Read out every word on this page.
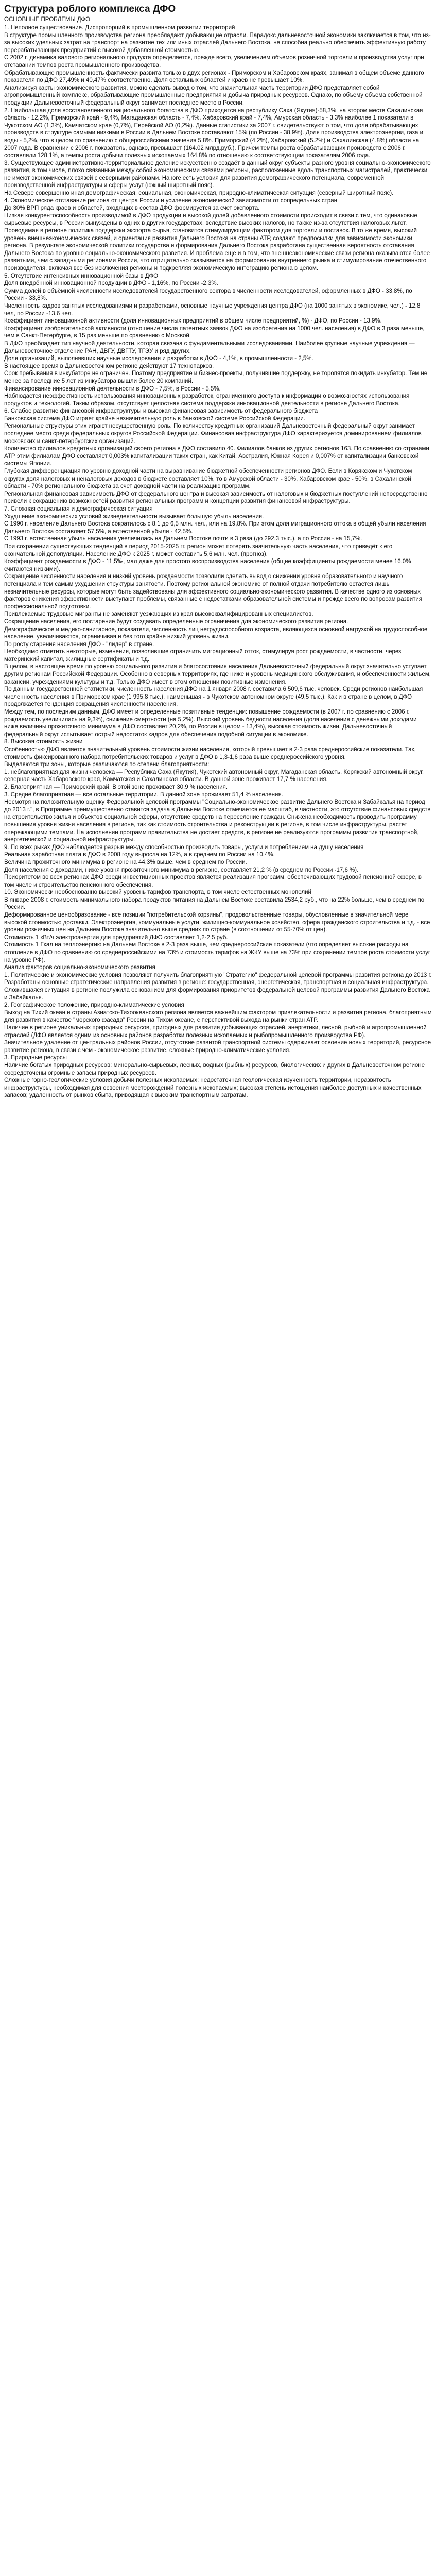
Структура роблого комплекса ДФО
ОСНОВНЫЕ ПРОБЛЕМЫ ДФО

1. Неполное существование. Диспропорций в промышленном развитии территорий

В структуре промышленного производства региона преобладают добывающие отрасли. Парадокс дальневосточной экономики заключается в том, что из-за высоких удельных затрат на транспорт на развитие тех или иных отраслей Дальнего Востока, не способна реально обеспечить эффективную работу перерабатывающих предприятий с высокой добавленной стоимостью.
С 2002 г. динамика валового регионального продукта определяется, прежде всего, увеличением объемов розничной торговли и производства услуг при отставании темпов роста промышленного производства.
Обрабатывающие промышленность фактически развита только в двух регионах - Приморском и Хабаровском краях, занимая в общем объеме данного показателя по ДФО 27,49% и 40,47% соответственно. Доля остальных областей и краев не превышает 10%.
Анализируя карты экономического развития, можно сделать вывод о том, что значительная часть территории ДФО представляет собой агропромышленный комплекс, обрабатывающие промышленные предприятия и добыча природных ресурсов. Однако, по объему объема собственной продукции Дальневосточный федеральный округ занимает последнее место в России.

2. Наибольшая доля восстановленного национального богатства в ДФО приходится на республику Саха (Якутия)-58,3%, на втором месте Сахалинская область - 12,2%, Приморский край - 9,4%, Магаданская область - 7,4%, Хабаровский край - 7,4%, Амурская область - 3,3% наиболее 1 показатели в Чукотском АО (1,3%), Камчатском крае (0,7%), Еврейской АО (0,2%). Данные статистики за 2007 г. свидетельствуют о том, что доля обрабатывающих производств в структуре самыми низкими в России в Дальнем Востоке составляют 15% (по России - 38,9%). Доля производства электроэнергии, газа и воды - 5,2%, что в целом по сравнению с общероссийскими значения 5,8%. Приморский (4.2%), Хабаровский (5.2%) и Сахалинская (4.8%) области на 2007 года. В сравнении с 2006 г. показатель, однако, превышает (164.02 млрд.руб.). Причем темпы роста обрабатывающих производств с 2006 г. составляли 128,1%, а темпы роста добычи полезных ископаемых 164,8% по отношению к соответствующим показателям 2006 года.

3. Существующее административно-территориальное деление искусственно создаёт в данный округ субъекты разного уровня социально-экономического развития, в том числе, плохо связанные между собой экономическими связями регионы, расположенные вдоль транспортных магистралей, практически не имеют экономических связей с северными районами. На юге есть условия для развития демографического потенциала, современной производственной инфраструктуры и сферы услуг (южный широтный пояс).
На Севере совершенно иная демографическая, социальная, экономическая, природно-климатическая ситуация (северный широтный пояс).

4. Экономическое отставание региона от центра России и усиление экономической зависимости от сопредельных стран
До 30% ВРП ряда краев и областей, входящих в состав ДФО формируется за счет экспорта.
Низкая конкурентоспособность производимой в ДФО продукции и высокой долей добавленного стоимости происходит в связи с тем, что одинаковые сырьевые ресурсы, в России вынуждены в одних в других государствах, вследствие высоких налогов, но также из-за отсутствия налоговых льгот. Проводимая в регионе политика поддержки экспорта сырья, становится стимулирующим фактором для торговли и поставок. В то же время, высокий уровень внешнеэкономических связей, и ориентация развития Дальнего Востока на страны АТР, создают предпосылки для зависимости экономики региона. В результате экономической политики государства и формирования Дальнего Востока разработана существенная вероятность отставания Дальнего Востока по уровню социально-экономического развития. И проблема еще и в том, что внешнеэкономические связи региона оказываются более развитыми, чем с западными регионами России, что отрицательно сказывается на формировании внутреннего рынка и стимулирование отечественного производителя, включая все без исключения регионы и подкрепляя экономическую интеграцию региона в целом.

5. Отсутствие интенсивных инновационной базы в ДФО
Доля внедрённой инновационной продукции в ДФО - 1,16%, по России -2,3%.
Сумма долей в объёмной численности исследователей государственного сектора в численности исследователей, оформленных в ДФО - 33,8%, по России - 33,8%.
Численность кадров занятых исследованиями и разработками, основные научные учреждения центра ДФО (на 1000 занятых в экономике, чел.) - 12,8 чел, по России -13,6 чел.
Коэффициент инновационной активности (доля инновационных предприятий в общем числе предприятий, %) - ДФО, по России - 13,9%.
Коэффициент изобретательской активности (отношение числа патентных заявок ДФО на изобретения на 1000 чел. населения) в ДФО в 3 раза меньше, чем в Санкт-Петербурге, в 15 раз меньше по сравнению с Москвой.
В ДФО преобладает тип научной деятельности, которая связана с фундаментальными исследованиями. Наиболее крупные научные учреждения — Дальневосточное отделение РАН, ДВГУ, ДВГТУ, ТГЭУ и ряд других.
Доля организаций, выполнявших научные исследования и разработки в ДФО - 4,1%, в промышленности - 2,5%.
В настоящее время в Дальневосточном регионе действуют 17 технопарков.
Срок пребывания в инкубаторе не ограничен. Поэтому предприятие и бизнес-проекты, получившие поддержку, не торопятся покидать инкубатор. Тем не менее за последние 5 лет из инкубатора вышли более 20 компаний.
Финансирование инновационной деятельности в ДФО - 7,5%, в России - 5,5%.
Наблюдается неэффективность использования инновационных разработок, ограниченного доступа к информации о возможностях использования продуктов и технологий. Таким образом, отсутствует целостная система поддержки инновационной деятельности в регионе Дальнего Востока.

6. Слабое развитие финансовой инфраструктуры и высокая финансовая зависимость от федерального бюджета
Банковская система ДФО играет крайне незначительную роль в банковской системе Российской Федерации.
Региональные структуры этих играют несущественную роль. По количеству кредитных организаций Дальневосточный федеральный округ занимает последнее место среди федеральных округов Российской Федерации. Финансовая инфраструктура ДФО характеризуется доминированием филиалов московских и санкт-петербургских организаций.
Количество филиалов кредитных организаций своего региона в ДФО составило 40. Филиалов банков из других регионов 163. По сравнению со странами АТР этим филиалам ДФО составляет 0,003% капитализации таких стран, как Китай, Австралия, Южная Корея и 0,007% от капитализации банковской системы Японии.
Глубокая дифференциация по уровню доходной части на выравнивание бюджетной обеспеченности регионов ДФО. Если в Корякском и Чукотском округах доля налоговых и неналоговых доходов в бюджете составляет 10%, то в Амурской области - 30%, Хабаровском крае - 50%, в Сахалинской области - 70% регионального бюджета за счет доходной части на реализацию программ.
Региональная финансовая зависимость ДФО от федерального центра и высокая зависимость от налоговых и бюджетных поступлений непосредственно привели к сокращению возможностей развития региональных программ и концепции развития финансовой инфраструктуры.

7. Сложная социальная и демографическая ситуация
Ухудшение экономических условий жизнедеятельности вызывает большую убыль населения.
С 1990 г. население Дальнего Востока сократилось с 8,1 до 6,5 млн. чел., или на 19,8%. При этом доля миграционного оттока в общей убыли населения Дальнего Востока составляет 57,5%, а естественной убыли - 42,5%.
С 1993 г. естественная убыль населения увеличилась на Дальнем Востоке почти в 3 раза (до 292,3 тыс.), а по России - на 15,7%.
При сохранении существующих тенденций в период 2015-2025 гг. регион может потерять значительную часть населения, что приведёт к его окончательной депопуляции. Население ДФО к 2025 г. может составить 5,6 млн. чел. (прогноз).
Коэффициент рождаемости в ДФО - 11,5‰, мал даже для простого воспроизводства населения (общие коэффициенты рождаемости менее 16,0% считаются низкими).
Сокращение численности населения и низкий уровень рождаемости позволили сделать вывод о снижении уровня образовательного и научного потенциала и тем самым ухудшении структуры занятости. Поэтому региональной экономике от полной отдачи потребителю остается лишь незначительные ресурсы, которые могут быть задействованы для эффективного социально-экономического развития. В качестве одного из основных факторов снижения эффективности выступают проблемы, связанные с недостатками образовательной системы и прежде всего по вопросам развития профессиональной подготовки.
Привлекаемые трудовые мигранты не заменяют уезжающих из края высококвалифицированных специалистов.
Сокращение населения, его постарение будут создавать определенные ограничения для экономического развития региона.
Демографическое и медико-санитарное, показатели, численность лиц нетрудоспособного возраста, являющихся основной нагрузкой на трудоспособное население, увеличиваются, ограничивая и без того крайне низкий уровень жизни.
По росту старения населения ДФО - "лидер" в стране.
Необходимо отметить некоторые, изменения, позволившие ограничить миграционный отток, стимулируя рост рождаемости, в частности, через материнский капитал, жилищные сертификаты и т.д.
В целом, в настоящее время по уровню социального развития и благосостояния населения Дальневосточный федеральный округ значительно уступает другим регионам Российской Федерации. Особенно в северных территориях, где ниже и уровень медицинского обслуживания, и обеспеченности жильем, вакансии, учреждениями культуры и т.д. Только ДФО имеет в этом отношении позитивные изменения.
По данным государственной статистики, численность населения ДФО на 1 января 2008 г. составила 6 509,6 тыс. человек. Среди регионов наибольшая численность населения в Приморском крае (1 995,8 тыс.), наименьшая - в Чукотском автономном округе (49,5 тыс.). Как и в стране в целом, в ДФО продолжается тенденция сокращения численности населения.
Между тем, по последним данным, ДФО имеет и определенные позитивные тенденции: повышение рождаемости (в 2007 г. по сравнению с 2006 г. рождаемость увеличилась на 9,3%), снижение смертности (на 5,2%). Высокий уровень бедности населения (доля населения с денежными доходами ниже величины прожиточного минимума в ДФО составляет 20,2%, по России в целом - 13,4%), высокая стоимость жизни. Дальневосточный федеральный округ испытывает острый недостаток кадров для обеспечения подобной ситуации в экономике.

8. Высокая стоимость жизни
Особенностью ДФО является значительный уровень стоимости жизни населения, который превышает в 2-3 раза среднероссийские показатели. Так, стоимость фиксированного набора потребительских товаров и услуг в ДФО в 1,3-1,6 раза выше среднероссийского уровня.
Выделяются три зоны, которые различаются по степени благоприятности:
1. неблагоприятная для жизни человека — Республика Саха (Якутия), Чукотский автономный округ, Магаданская область, Корякский автономный округ, северная часть Хабаровского края, Камчатская и Сахалинская области. В данной зоне проживает 17,7 % населения.
2. Благоприятная — Приморский край. В этой зоне проживает 30,9 % населения.
3. Средне благоприятная — все остальные территории. В данной зоне проживает 51,4 % населения.

Несмотря на положительную оценку Федеральной целевой программы "Социально-экономическое развитие Дальнего Востока и Забайкалья на период до 2013 г.", в Программе преимущественно ставится задача в Дальнем Востоке отмечается ее масштаб, в частности, это отсутствие финансовых средств на строительство жилья и объектов социальной сферы, отсутствие средств на переселение граждан. Снижена необходимость проводить программу повышения уровня жизни населения в регионе, так как стоимость строительства и реконструкции в регионе, в том числе инфраструктуры, растет опережающими темпами. На исполнении программ правительства не достает средств, в регионе не реализуются программы развития транспортной, энергетической и социальной инфраструктуры.

9. По всех рыках ДФО наблюдается разрыв между способностью производить товары, услуги и потреблением на душу населения
Реальная заработная плата в ДФО в 2008 году выросла на 12%, а в среднем по России на 10,4%.
Величина прожиточного минимума в регионе на 44,3% выше, чем в среднем по России.
Доля населения с доходами, ниже уровня прожиточного минимума в регионе, составляет 21,2 % (в среднем по России -17,6 %).
Приоритетом во всех регионах ДФО среди инвестиционных проектов является реализация программ, обеспечивающих трудовой пенсионной сфере, в том числе и строительство пенсионного обеспечения.

10. Экономически необоснованно высокий уровень тарифов транспорта, в том числе естественных монополий
В январе 2008 г. стоимость минимального набора продуктов питания на Дальнем Востоке составила 2534,2 руб., что на 22% больше, чем в среднем по России.
Деформированное ценообразование - все позиции "потребительской корзины", продовольственные товары, обусловленные в значительной мере высокой стоимостью доставки. Электроэнергия, коммунальные услуги, жилищно-коммунальное хозяйство, сфера гражданского строительства и т.д. - все уровни розничных цен на Дальнем Востоке значительно выше средних по стране (в соотношении от 55-70% от цен).
Стоимость 1 кВт/ч электроэнергии для предприятий ДФО составляет 1,2-2,5 руб.
Стоимость 1 Гкал на теплоэнергию на Дальнем Востоке в 2-3 раза выше, чем среднероссийские показатели (что определяет высокие расходы на отопление в ДФО по сравнению со среднероссийскими на 73% и стоимость тарифов на ЖКУ выше на 73% при сохранении темпов роста стоимости услуг на уровне РФ).

Анализ факторов социально-экономического развития

1. Политические и экономические условия позволяют получить благоприятную "Стратегию" федеральной целевой программы развития региона до 2013 г.
Разработаны основные стратегические направления развития в регионе: государственная, энергетическая, транспортная и социальная инфраструктура.
Сложившаяся ситуация в регионе послужила основанием для формирования приоритетов федеральной целевой программы развития Дальнего Востока и Забайкалья.

2. Географическое положение, природно-климатические условия
Выход на Тихий океан и страны Азиатско-Тихоокеанского региона является важнейшим фактором привлекательности и развития региона, благоприятным для развития в качестве "морского фасада" России на Тихом океане, с перспективой выхода на рынки стран АТР.
Наличие в регионе уникальных природных ресурсов, пригодных для развития добывающих отраслей, энергетики, лесной, рыбной и агропромышленной отраслей (ДФО является одним из основных районов разработки полезных ископаемых и рыбопромышленного производства РФ).
Значительное удаление от центральных районов России, отсутствие развитой транспортной системы сдерживает освоение новых территорий, ресурсное развитие региона, в связи с чем - экономическое развитие, сложные природно-климатические условия.

3. Природные ресурсы
Наличие богатых природных ресурсов: минерально-сырьевых, лесных, водных (рыбных) ресурсов, биологических и других в Дальневосточном регионе сосредоточены огромные запасы природных ресурсов.
Сложные горно-геологические условия добычи полезных ископаемых; недостаточная геологическая изученность территории, неразвитость инфраструктуры, необходимая для освоения месторождений полезных ископаемых; высокая степень истощения наиболее доступных и качественных запасов; удаленность от рынков сбыта, приводящая к высоким транспортным затратам.
